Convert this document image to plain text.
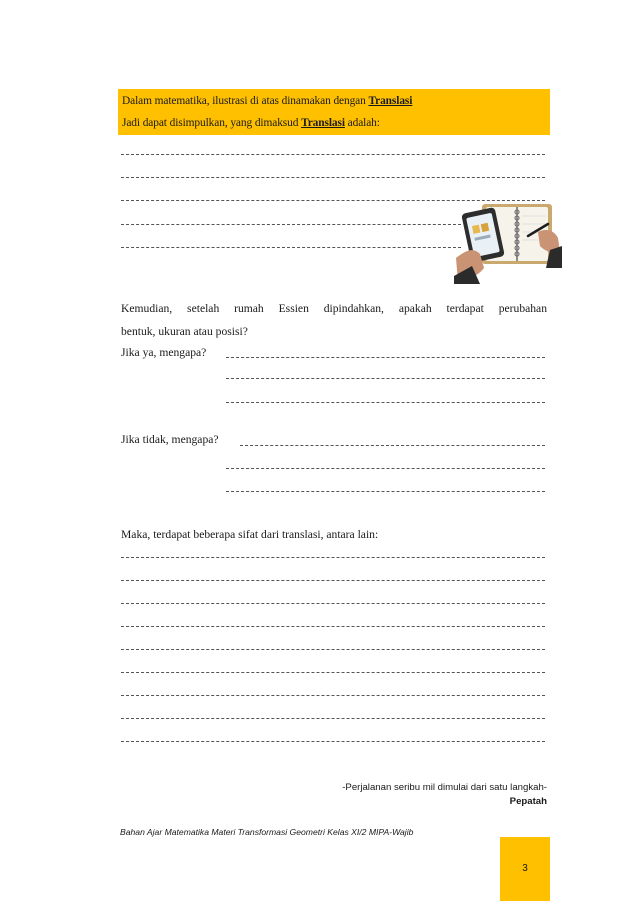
Dalam matematika, ilustrasi di atas dinamakan dengan Translasi
Jadi dapat disimpulkan, yang dimaksud Translasi adalah:
Kemudian, setelah rumah Essien dipindahkan, apakah terdapat perubahan
bentuk, ukuran atau posisi?
Jika ya, mengapa?
Jika tidak, mengapa?
Maka, terdapat beberapa sifat dari translasi, antara lain:
-Perjalanan seribu mil dimulai dari satu langkah-
Pepatah
Bahan Ajar Matematika Materi Transformasi Geometri Kelas XI/2 MIPA-Wajib
3
